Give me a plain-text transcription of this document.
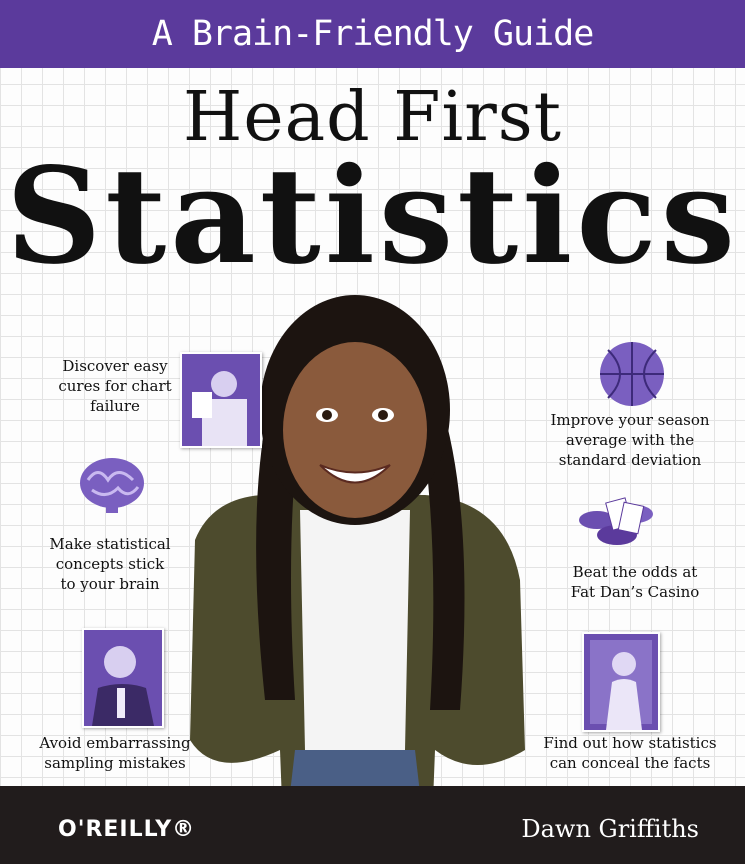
A Brain-Friendly Guide
Head First
Statistics
Discover easy
cures for chart
failure
Make statistical
concepts stick
to your brain
Avoid embarrassing
sampling mistakes
Improve your season
average with the
standard deviation
Beat the odds at
Fat Dan’s Casino
Find out how statistics
can conceal the facts
O'REILLY®	Dawn Griffiths
